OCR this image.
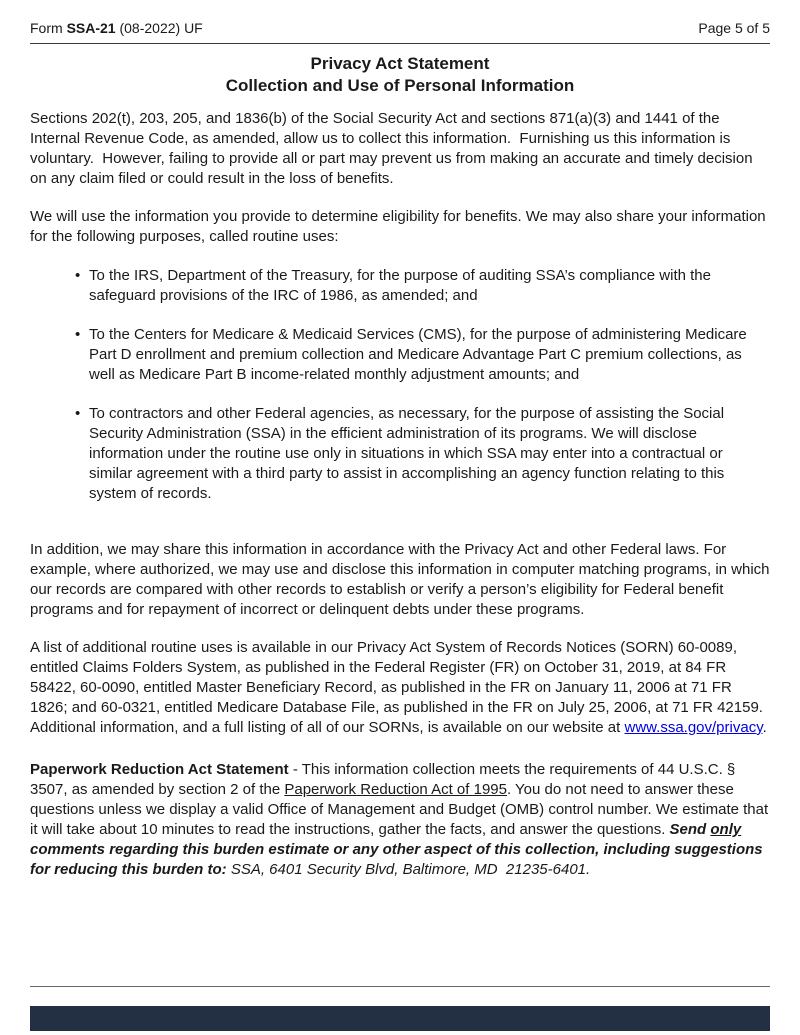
Form SSA-21 (08-2022) UF	Page 5 of 5
Privacy Act Statement
Collection and Use of Personal Information

Sections 202(t), 203, 205, and 1836(b) of the Social Security Act and sections 871(a)(3) and 1441 of the Internal Revenue Code, as amended, allow us to collect this information.  Furnishing us this information is voluntary.  However, failing to provide all or part may prevent us from making an accurate and timely decision on any claim filed or could result in the loss of benefits.

We will use the information you provide to determine eligibility for benefits. We may also share your information for the following purposes, called routine uses:

• To the IRS, Department of the Treasury, for the purpose of auditing SSA’s compliance with the safeguard provisions of the IRC of 1986, as amended; and
• To the Centers for Medicare & Medicaid Services (CMS), for the purpose of administering Medicare Part D enrollment and premium collection and Medicare Advantage Part C premium collections, as well as Medicare Part B income-related monthly adjustment amounts; and
• To contractors and other Federal agencies, as necessary, for the purpose of assisting the Social Security Administration (SSA) in the efficient administration of its programs. We will disclose information under the routine use only in situations in which SSA may enter into a contractual or similar agreement with a third party to assist in accomplishing an agency function relating to this system of records.

In addition, we may share this information in accordance with the Privacy Act and other Federal laws. For example, where authorized, we may use and disclose this information in computer matching programs, in which our records are compared with other records to establish or verify a person’s eligibility for Federal benefit programs and for repayment of incorrect or delinquent debts under these programs.

A list of additional routine uses is available in our Privacy Act System of Records Notices (SORN) 60-0089, entitled Claims Folders System, as published in the Federal Register (FR) on October 31, 2019, at 84 FR 58422, 60-0090, entitled Master Beneficiary Record, as published in the FR on January 11, 2006 at 71 FR 1826; and 60-0321, entitled Medicare Database File, as published in the FR on July 25, 2006, at 71 FR 42159.  Additional information, and a full listing of all of our SORNs, is available on our website at www.ssa.gov/privacy.

Paperwork Reduction Act Statement - This information collection meets the requirements of 44 U.S.C. § 3507, as amended by section 2 of the Paperwork Reduction Act of 1995. You do not need to answer these questions unless we display a valid Office of Management and Budget (OMB) control number. We estimate that it will take about 10 minutes to read the instructions, gather the facts, and answer the questions. Send only comments regarding this burden estimate or any other aspect of this collection, including suggestions for reducing this burden to: SSA, 6401 Security Blvd, Baltimore, MD  21235-6401.
